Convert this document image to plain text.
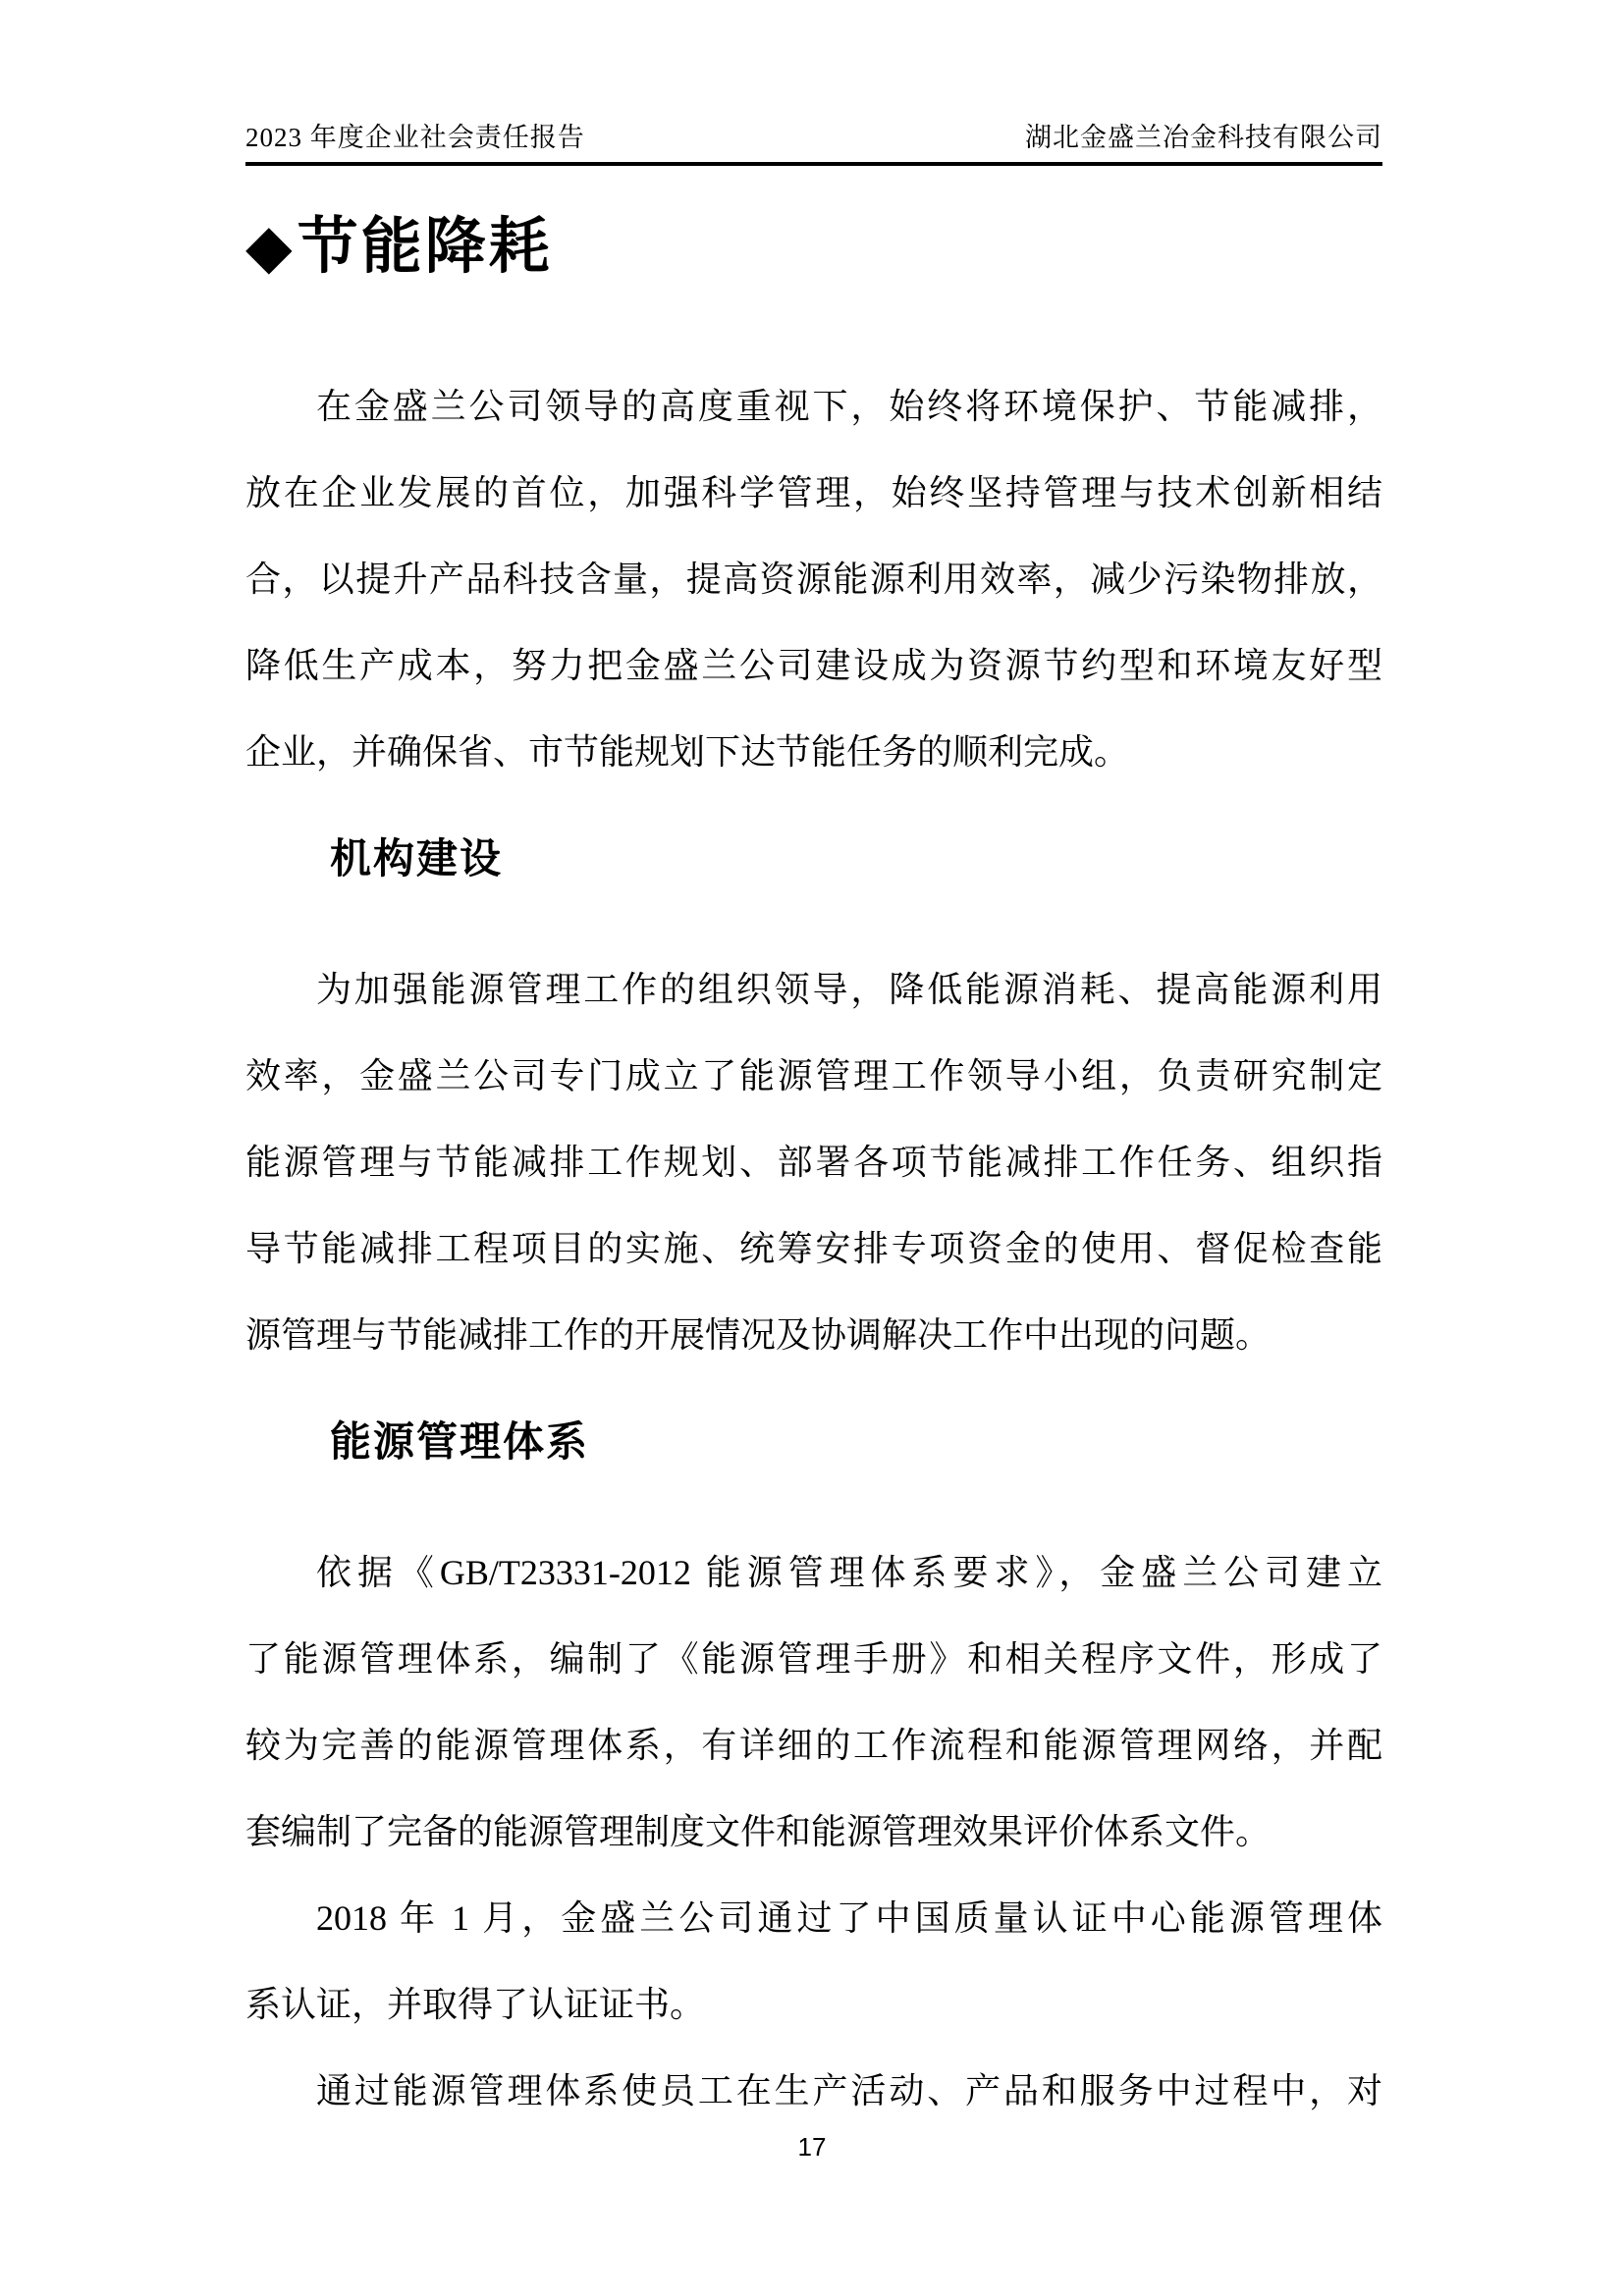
2023 年度企业社会责任报告	湖北金盛兰冶金科技有限公司
◆节能降耗
在金盛兰公司领导的高度重视下，始终将环境保护、节能减排，
放在企业发展的首位，加强科学管理，始终坚持管理与技术创新相结
合，以提升产品科技含量，提高资源能源利用效率，减少污染物排放，
降低生产成本，努力把金盛兰公司建设成为资源节约型和环境友好型
企业，并确保省、市节能规划下达节能任务的顺利完成。
机构建设
为加强能源管理工作的组织领导，降低能源消耗、提高能源利用
效率，金盛兰公司专门成立了能源管理工作领导小组，负责研究制定
能源管理与节能减排工作规划、部署各项节能减排工作任务、组织指
导节能减排工程项目的实施、统筹安排专项资金的使用、督促检查能
源管理与节能减排工作的开展情况及协调解决工作中出现的问题。
能源管理体系
依据《GB/T23331-2012 能源管理体系要求》，金盛兰公司建立
了能源管理体系，编制了《能源管理手册》和相关程序文件，形成了
较为完善的能源管理体系，有详细的工作流程和能源管理网络，并配
套编制了完备的能源管理制度文件和能源管理效果评价体系文件。
2018 年 1 月，金盛兰公司通过了中国质量认证中心能源管理体
系认证，并取得了认证证书。
通过能源管理体系使员工在生产活动、产品和服务中过程中，对
17
